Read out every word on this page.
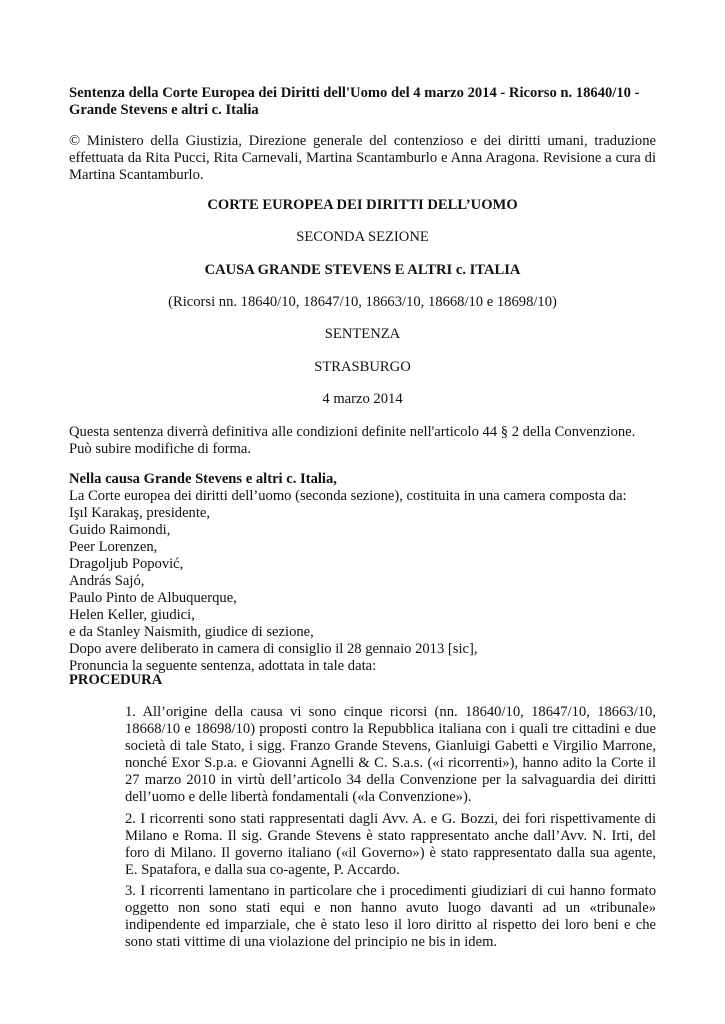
Sentenza della Corte Europea dei Diritti dell'Uomo del 4 marzo 2014 - Ricorso n. 18640/10 - Grande Stevens e altri c. Italia

© Ministero della Giustizia, Direzione generale del contenzioso e dei diritti umani, traduzione effettuata da Rita Pucci, Rita Carnevali, Martina Scantamburlo e Anna Aragona. Revisione a cura di Martina Scantamburlo.

CORTE EUROPEA DEI DIRITTI DELL’UOMO

SECONDA SEZIONE

CAUSA GRANDE STEVENS E ALTRI c. ITALIA

(Ricorsi nn. 18640/10, 18647/10, 18663/10, 18668/10 e 18698/10)

SENTENZA

STRASBURGO

4 marzo 2014

Questa sentenza diverrà definitiva alle condizioni definite nell'articolo 44 § 2 della Convenzione. Può subire modifiche di forma.

Nella causa Grande Stevens e altri c. Italia,
La Corte europea dei diritti dell’uomo (seconda sezione), costituita in una camera composta da:
Işıl Karakaş, presidente,
Guido Raimondi,
Peer Lorenzen,
Dragoljub Popović,
András Sajó,
Paulo Pinto de Albuquerque,
Helen Keller, giudici,
e da Stanley Naismith, giudice di sezione,
Dopo avere deliberato in camera di consiglio il 28 gennaio 2013 [sic],
Pronuncia la seguente sentenza, adottata in tale data:

PROCEDURA

1. All’origine della causa vi sono cinque ricorsi (nn. 18640/10, 18647/10, 18663/10, 18668/10 e 18698/10) proposti contro la Repubblica italiana con i quali tre cittadini e due società di tale Stato, i sigg. Franzo Grande Stevens, Gianluigi Gabetti e Virgilio Marrone, nonché Exor S.p.a. e Giovanni Agnelli & C. S.a.s. («i ricorrenti»), hanno adito la Corte il 27 marzo 2010 in virtù dell’articolo 34 della Convenzione per la salvaguardia dei diritti dell’uomo e delle libertà fondamentali («la Convenzione»).

2. I ricorrenti sono stati rappresentati dagli Avv. A. e G. Bozzi, dei fori rispettivamente di Milano e Roma. Il sig. Grande Stevens è stato rappresentato anche dall’Avv. N. Irti, del foro di Milano. Il governo italiano («il Governo») è stato rappresentato dalla sua agente, E. Spatafora, e dalla sua co-agente, P. Accardo.

3. I ricorrenti lamentano in particolare che i procedimenti giudiziari di cui hanno formato oggetto non sono stati equi e non hanno avuto luogo davanti ad un «tribunale» indipendente ed imparziale, che è stato leso il loro diritto al rispetto dei loro beni e che sono stati vittime di una violazione del principio ne bis in idem.
